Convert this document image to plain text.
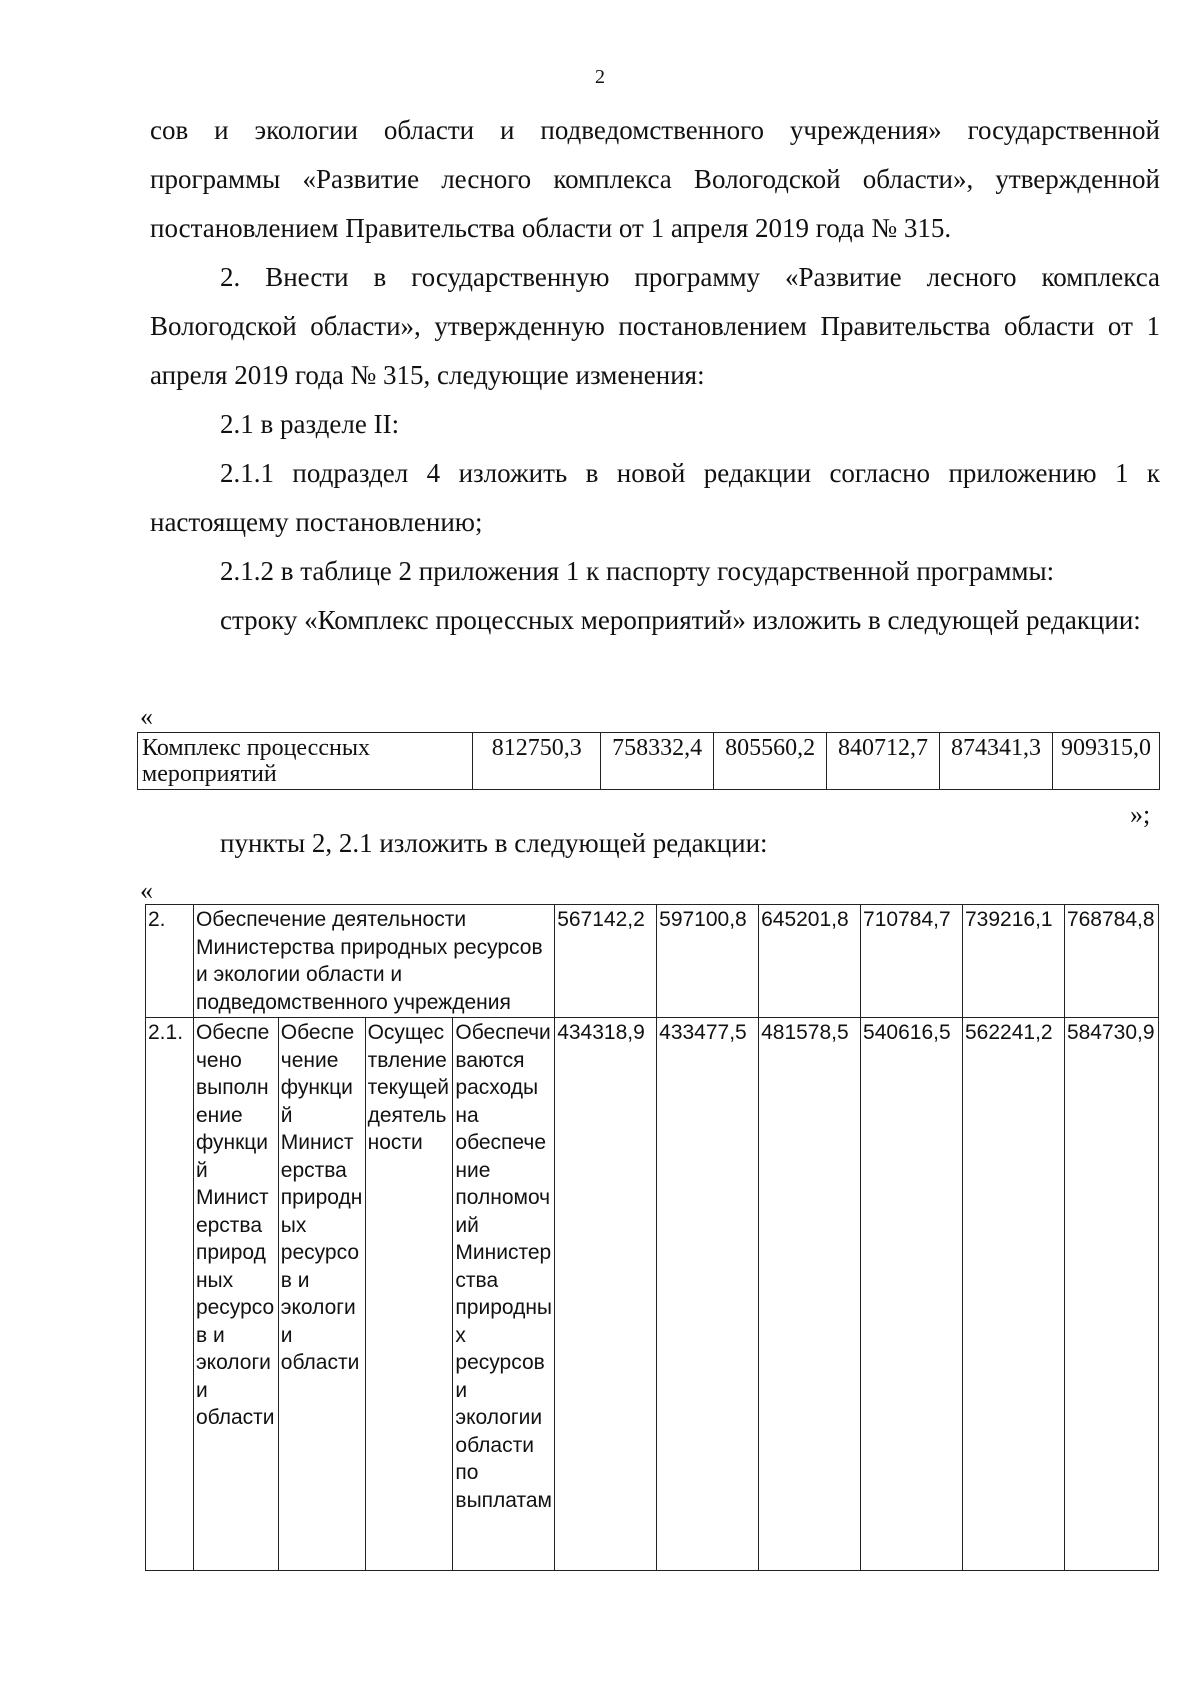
2

сов и экологии области и подведомственного учреждения» государственной программы «Развитие лесного комплекса Вологодской области», утвержденной постановлением Правительства области от 1 апреля 2019 года № 315.

2. Внести в государственную программу «Развитие лесного комплекса Вологодской области», утвержденную постановлением Правительства области от 1 апреля 2019 года № 315, следующие изменения:

2.1 в разделе II:

2.1.1 подраздел 4 изложить в новой редакции согласно приложению 1 к настоящему постановлению;

2.1.2 в таблице 2 приложения 1 к паспорту государственной программы:

строку «Комплекс процессных мероприятий» изложить в следующей редакции:

«
Комплекс процессных мероприятий	812750,3	758332,4	805560,2	840712,7	874341,3	909315,0
»;

пункты 2, 2.1 изложить в следующей редакции:

«
2.	Обеспечение деятельности Министерства природных ресурсов и экологии области и подведомственного учреждения				567142,2	597100,8	645201,8	710784,7	739216,1	768784,8
2.1.	Обеспечено выполнение функций Министерства природных ресурсов и экологии области	Обеспечение функций Министерства природных ресурсов и экологии области	Осуществление текущей деятельности	Обеспечиваются расходы на обеспечение полномочий Министерства природных ресурсов и экологии области по выплатам	434318,9	433477,5	481578,5	540616,5	562241,2	584730,9
